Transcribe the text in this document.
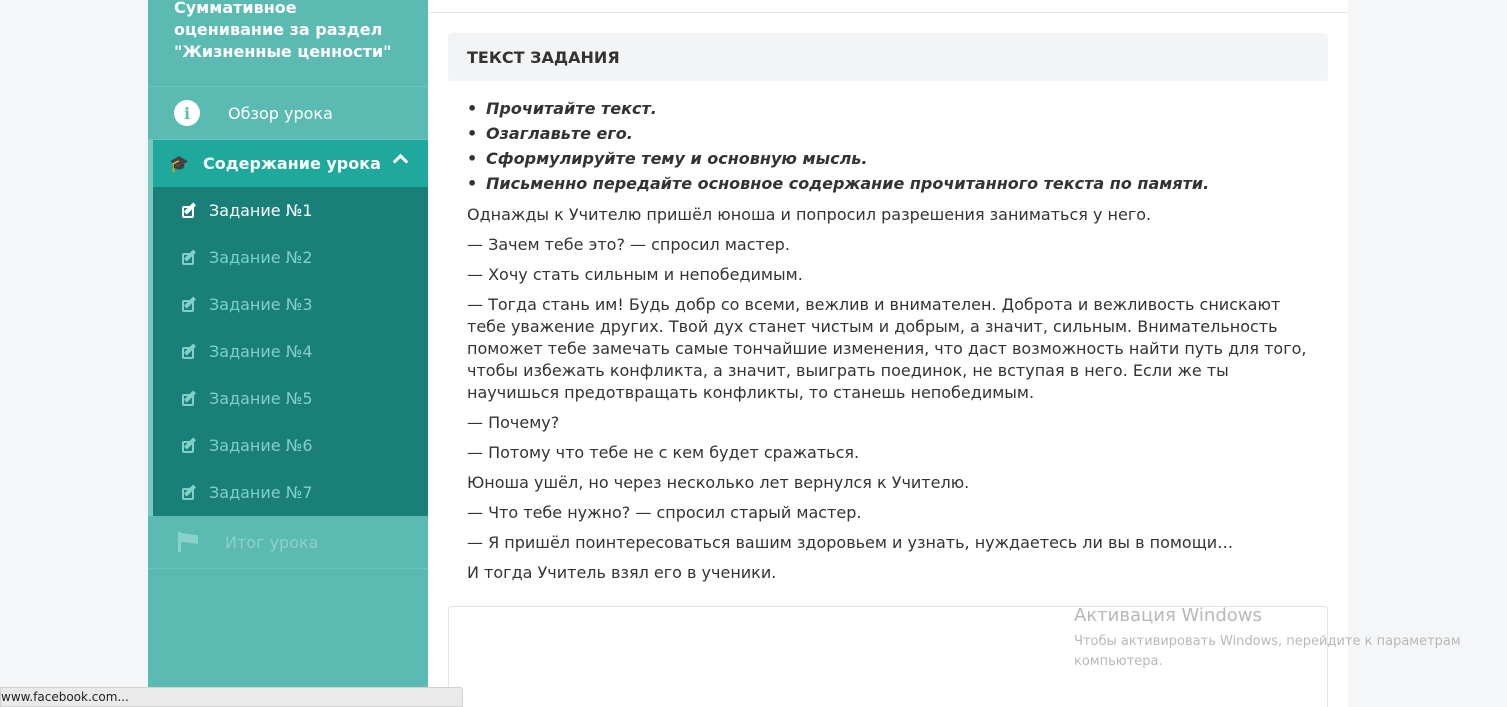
Суммативное оценивание за раздел "Жизненные ценности"
i	Обзор урока
🎓 Содержание урока
Задание №1
Задание №2
Задание №3
Задание №4
Задание №5
Задание №6
Задание №7
Итог урока
ТЕКСТ ЗАДАНИЯ
• Прочитайте текст.
• Озаглавьте его.
• Сформулируйте тему и основную мысль.
• Письменно передайте основное содержание прочитанного текста по памяти.

Однажды к Учителю пришёл юноша и попросил разрешения заниматься у него.

— Зачем тебе это? — спросил мастер.

— Хочу стать сильным и непобедимым.

— Тогда стань им! Будь добр со всеми, вежлив и внимателен. Доброта и вежливость снискают тебе уважение других. Твой дух станет чистым и добрым, а значит, сильным. Внимательность поможет тебе замечать самые тончайшие изменения, что даст возможность найти путь для того, чтобы избежать конфликта, а значит, выиграть поединок, не вступая в него. Если же ты научишься предотвращать конфликты, то станешь непобедимым.

— Почему?

— Потому что тебе не с кем будет сражаться.

Юноша ушёл, но через несколько лет вернулся к Учителю.

— Что тебе нужно? — спросил старый мастер.

— Я пришёл поинтересоваться вашим здоровьем и узнать, нуждаетесь ли вы в помощи…

И тогда Учитель взял его в ученики.

Активация Windows
Чтобы активировать Windows, перейдите к параметрам
компьютера.
www.facebook.com...
